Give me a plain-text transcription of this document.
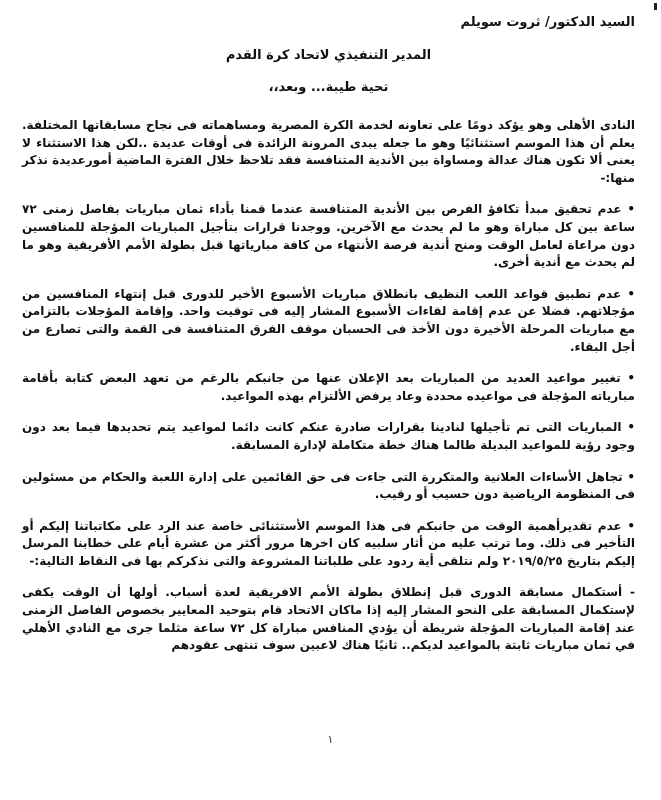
السيد الدكتور/ ثروت سويلم

المدير التنفيذي لاتحاد كرة القدم

تحية طيبة... وبعد،،

النادى الأهلى وهو يؤكد دومًا على تعاونه لخدمة الكرة المصرية ومساهماته فى نجاح مسابقاتها المختلفة. يعلم أن هذا الموسم استثنائيًا وهو ما جعله يبدى المرونة الزائدة فى أوقات عديدة ..لكن هذا الاستثناء لا يعنى ألا تكون هناك عدالة ومساواة بين الأندية المتنافسة فقد تلاحظ خلال الفترة الماضية أمورعديدة نذكر منها:-

• عدم تحقيق مبدأ تكافؤ الفرص بين الأندية المتنافسة عندما قمنا بأداء ثمان مباريات بفاصل زمنى ٧٢ ساعة بين كل مباراة وهو ما لم يحدث مع الآخرين. ووجدنا قرارات بتأجيل المباريات المؤجلة للمنافسين دون مراعاة لعامل الوقت ومنح أندية فرصة الأنتهاء من كافة مبارياتها قبل بطولة الأمم الأفريقية وهو ما لم يحدث مع أندية أخرى.

• عدم تطبيق قواعد اللعب النظيف بانطلاق مباريات الأسبوع الأخير للدورى قبل إنتهاء المنافسين من مؤجلاتهم. فضلا عن عدم إقامة لقاءات الأسبوع المشار إليه فى توقيت واحد. وإقامة المؤجلات بالتزامن مع مباريات المرحلة الأخيرة دون الأخذ فى الحسبان موقف الفرق المتنافسة فى القمة والتى تصارع من أجل البقاء.

• تغيير مواعيد العديد من المباريات بعد الإعلان عنها من جانبكم بالرغم من تعهد البعض كتابة بأقامة مبارياته المؤجلة فى مواعيده محددة وعاد يرفض الألتزام بهذه المواعيد.

• المباريات التى تم تأجيلها لنادينا بقرارات صادرة عنكم كانت دائما لمواعيد يتم تحديدها فيما بعد دون وجود رؤية للمواعيد البديلة طالما هناك خطة متكاملة لإدارة المسابقة.

• تجاهل الأساءات العلانية والمتكررة التى جاءت فى حق القائمين على إدارة اللعبة والحكام من مسئولين فى المنظومة الرياضية دون حسيب أو رقيب.

• عدم تقديرأهمية الوقت من جانبكم فى هذا الموسم الأستثنائى خاصة عند الرد على مكاتباتنا إليكم أو التأخير فى ذلك. وما ترتب عليه من أثار سلبيه كان اخرها مرور أكثر من عشرة أيام على خطابنا المرسل إليكم بتاريخ ٢٠١٩/٥/٢٥ ولم نتلقى أية ردود على طلباتنا المشروعة والتى نذكركم بها فى النقاط التالية:-

- أستكمال مسابقة الدورى قبل إنطلاق بطولة الأمم الافريقية لعدة أسباب. أولها أن الوقت يكفى لإستكمال المسابقة على النحو المشار إليه إذا ماكان الاتحاد قام بتوحيد المعايير بخصوص الفاصل الزمنى عند إقامة المباريات المؤجلة شريطة أن يؤدي المنافس مباراة كل ٧٢ ساعة مثلما جرى مع النادي الأهلي في ثمان مباريات ثابتة بالمواعيد لديكم.. ثانيًا هناك لاعبين سوف تنتهى عقودهم

١
